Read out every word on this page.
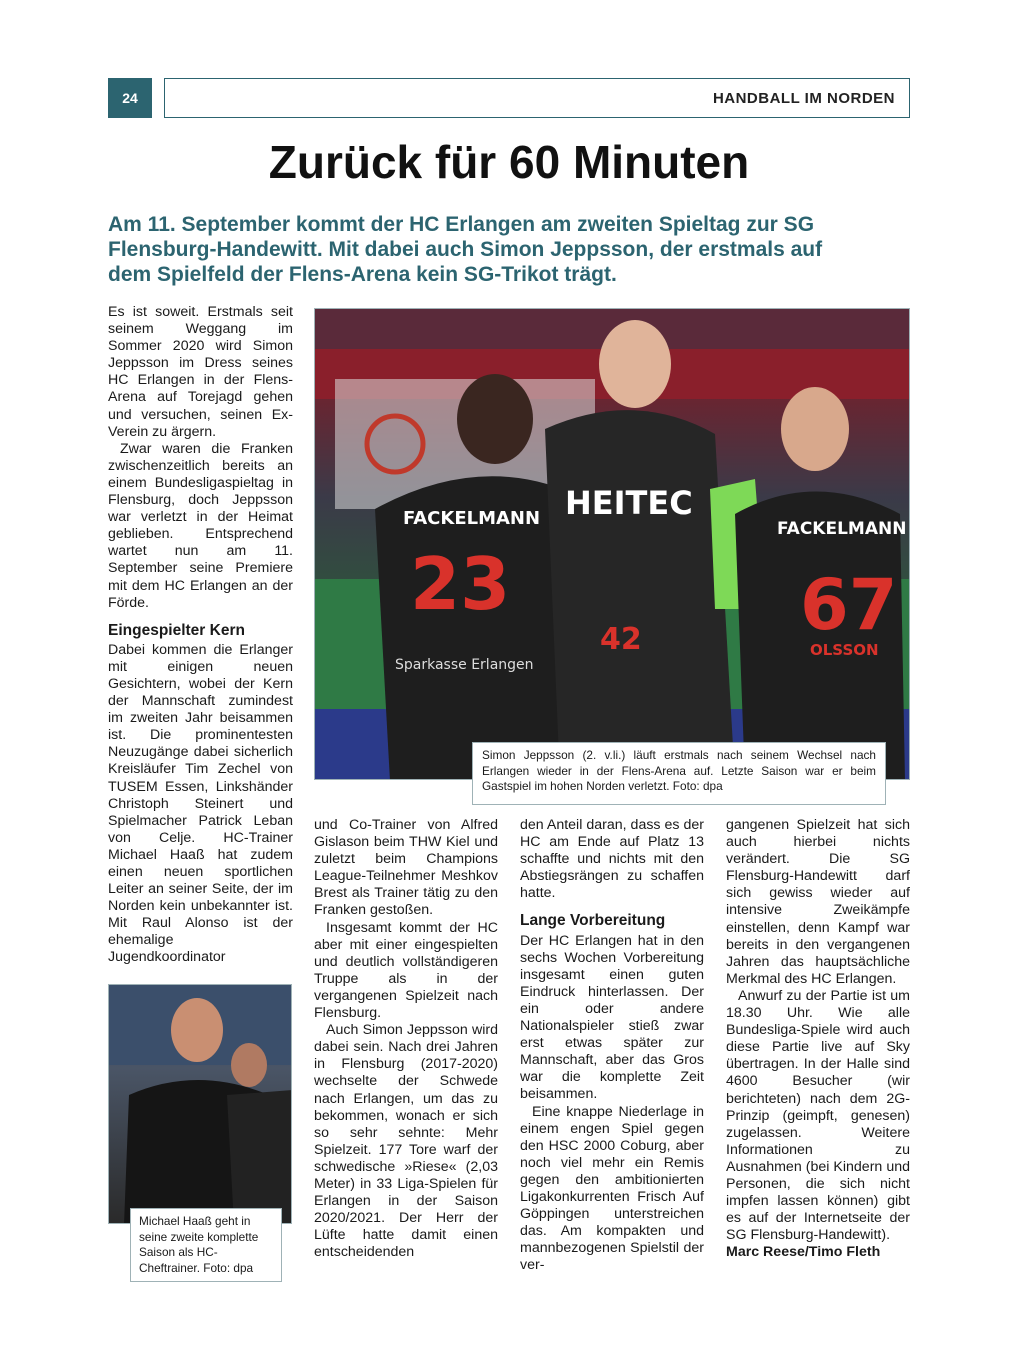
24	HANDBALL IM NORDEN
Zurück für 60 Minuten
Am 11. September kommt der HC Erlangen am zweiten Spieltag zur SG Flensburg-Handewitt. Mit dabei auch Simon Jeppsson, der erstmals auf dem Spielfeld der Flens-Arena kein SG-Trikot trägt.

Es ist soweit. Erstmals seit seinem Weggang im Sommer 2020 wird Simon Jeppsson im Dress seines HC Erlangen in der Flens-Arena auf Torejagd gehen und versuchen, seinen Ex-Verein zu ärgern.

Zwar waren die Franken zwischenzeitlich bereits an einem Bundesligaspieltag in Flensburg, doch Jeppsson war verletzt in der Heimat geblieben. Entsprechend wartet nun am 11. September seine Premiere mit dem HC Erlangen an der Förde.

Eingespielter Kern

Dabei kommen die Erlanger mit einigen neuen Gesichtern, wobei der Kern der Mannschaft zumindest im zweiten Jahr beisammen ist. Die prominentesten Neuzugänge dabei sicherlich Kreisläufer Tim Zechel von TUSEM Essen, Linkshänder Christoph Steinert und Spielmacher Patrick Leban von Celje. HC-Trainer Michael Haaß hat zudem einen neuen sportlichen Leiter an seiner Seite, der im Norden kein unbekannter ist. Mit Raul Alonso ist der ehemalige Jugendkoordinator

FACKELMANN
23
HEITEC
42
FACKELMANN
67
OLSSON
Sparkasse Erlangen
Simon Jeppsson (2. v.li.) läuft erstmals nach seinem Wechsel nach Erlangen wieder in der Flens-Arena auf. Letzte Saison war er beim Gastspiel im hohen Norden verletzt. Foto: dpa
Michael Haaß geht in seine zweite komplette Saison als HC-Cheftrainer. Foto: dpa

und Co-Trainer von Alfred Gislason beim THW Kiel und zuletzt beim Champions League-Teilnehmer Meshkov Brest als Trainer tätig zu den Franken gestoßen.

Insgesamt kommt der HC aber mit einer eingespielten und deutlich vollständigeren Truppe als in der vergangenen Spielzeit nach Flensburg.

Auch Simon Jeppsson wird dabei sein. Nach drei Jahren in Flensburg (2017-2020) wechselte der Schwede nach Erlangen, um das zu bekommen, wonach er sich so sehr sehnte: Mehr Spielzeit. 177 Tore warf der schwedische »Riese« (2,03 Meter) in 33 Liga-Spielen für Erlangen in der Saison 2020/2021. Der Herr der Lüfte hatte damit einen entscheidenden

den Anteil daran, dass es der HC am Ende auf Platz 13 schaffte und nichts mit den Abstiegsrängen zu schaffen hatte.

Lange Vorbereitung

Der HC Erlangen hat in den sechs Wochen Vorbereitung insgesamt einen guten Eindruck hinterlassen. Der ein oder andere Nationalspieler stieß zwar erst etwas später zur Mannschaft, aber das Gros war die komplette Zeit beisammen.

Eine knappe Niederlage in einem engen Spiel gegen den HSC 2000 Coburg, aber noch viel mehr ein Remis gegen den ambitionierten Ligakonkurrenten Frisch Auf Göppingen unterstreichen das. Am kompakten und mannbezogenen Spielstil der ver-

gangenen Spielzeit hat sich auch hierbei nichts verändert. Die SG Flensburg-Handewitt darf sich gewiss wieder auf intensive Zweikämpfe einstellen, denn Kampf war bereits in den vergangenen Jahren das hauptsächliche Merkmal des HC Erlangen.

Anwurf zu der Partie ist um 18.30 Uhr. Wie alle Bundesliga-Spiele wird auch diese Partie live auf Sky übertragen. In der Halle sind 4600 Besucher (wir berichteten) nach dem 2G-Prinzip (geimpft, genesen) zugelassen. Weitere Informationen zu Ausnahmen (bei Kindern und Personen, die sich nicht impfen lassen können) gibt es auf der Internetseite der SG Flensburg-Handewitt).

Marc Reese/Timo Fleth
